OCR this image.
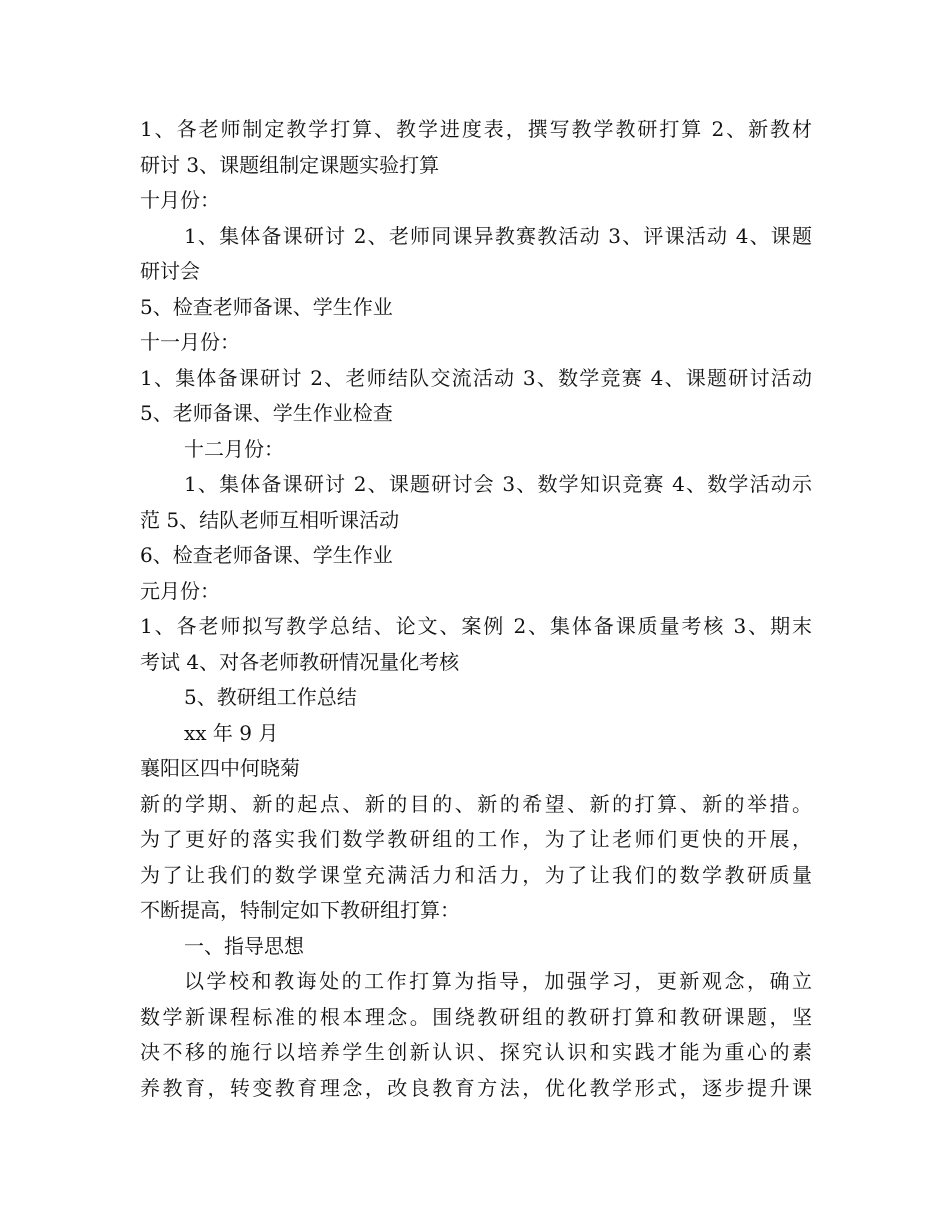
1、各老师制定教学打算、教学进度表，撰写教学教研打算 2、新教材
研讨 3、课题组制定课题实验打算
十月份：
1、集体备课研讨 2、老师同课异教赛教活动 3、评课活动 4、课题
研讨会
5、检查老师备课、学生作业
十一月份：
1、集体备课研讨 2、老师结队交流活动 3、数学竞赛 4、课题研讨活动
5、老师备课、学生作业检查
十二月份：
1、集体备课研讨 2、课题研讨会 3、数学知识竞赛 4、数学活动示
范 5、结队老师互相听课活动
6、检查老师备课、学生作业
元月份：
1、各老师拟写教学总结、论文、案例 2、集体备课质量考核 3、期末
考试 4、对各老师教研情况量化考核
5、教研组工作总结
xx 年 9 月
襄阳区四中何晓菊
新的学期、新的起点、新的目的、新的希望、新的打算、新的举措。
为了更好的落实我们数学教研组的工作，为了让老师们更快的开展，
为了让我们的数学课堂充满活力和活力，为了让我们的数学教研质量
不断提高，特制定如下教研组打算：
一、指导思想
以学校和教诲处的工作打算为指导，加强学习，更新观念，确立
数学新课程标准的根本理念。围绕教研组的教研打算和教研课题，坚
决不移的施行以培养学生创新认识、探究认识和实践才能为重心的素
养教育，转变教育理念，改良教育方法，优化教学形式，逐步提升课
